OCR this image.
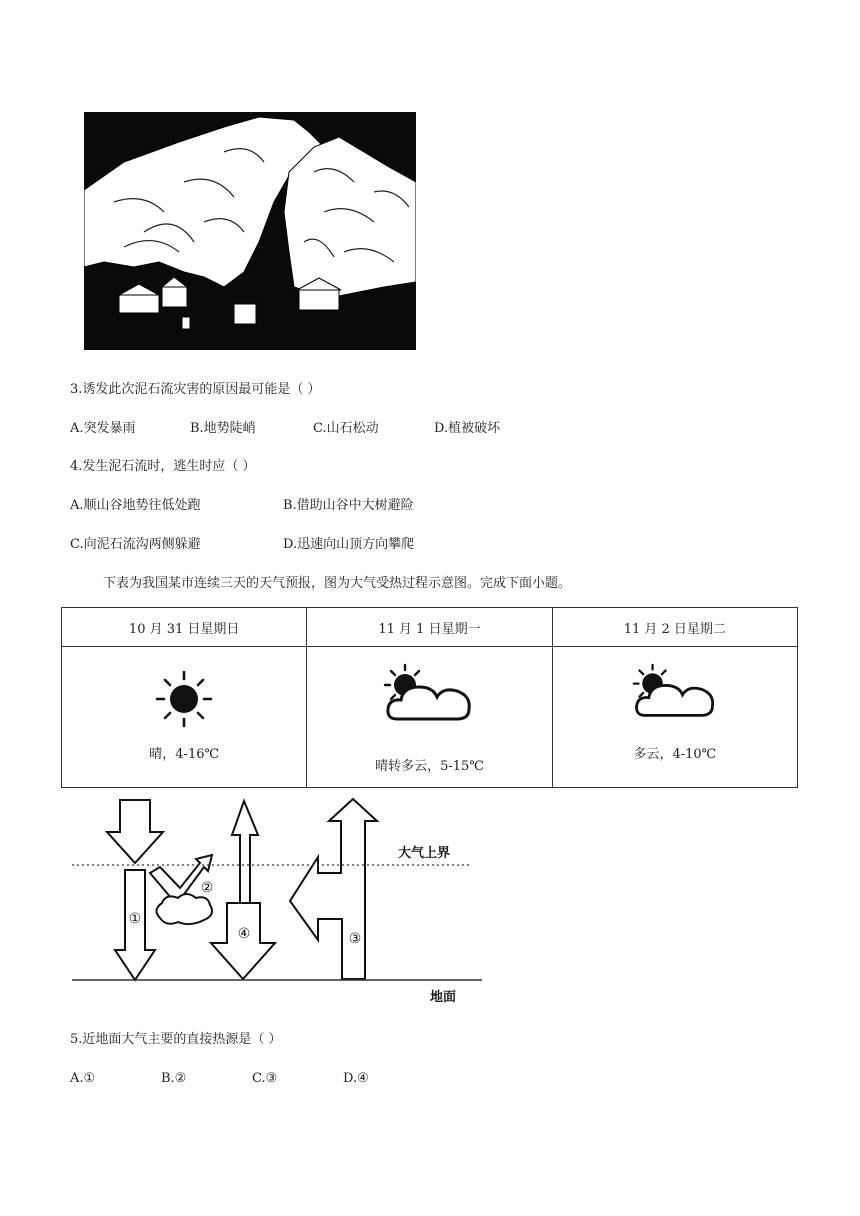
3.诱发此次泥石流灾害的原因最可能是（ ）
A.突发暴雨	B.地势陡峭	C.山石松动	D.植被破坏
4.发生泥石流时，逃生时应（ ）
A.顺山谷地势往低处跑	B.借助山谷中大树避险
C.向泥石流沟两侧躲避	D.迅速向山顶方向攀爬
下表为我国某市连续三天的天气预报，图为大气受热过程示意图。完成下面小题。
10 月 31 日星期日	11 月 1 日星期一	11 月 2 日星期二

晴，4-16℃	晴转多云，5-15℃	多云，4-10℃
①
②
③
④
大气上界
地面
5.近地面大气主要的直接热源是（ ）
A.①	B.②	C.③	D.④
